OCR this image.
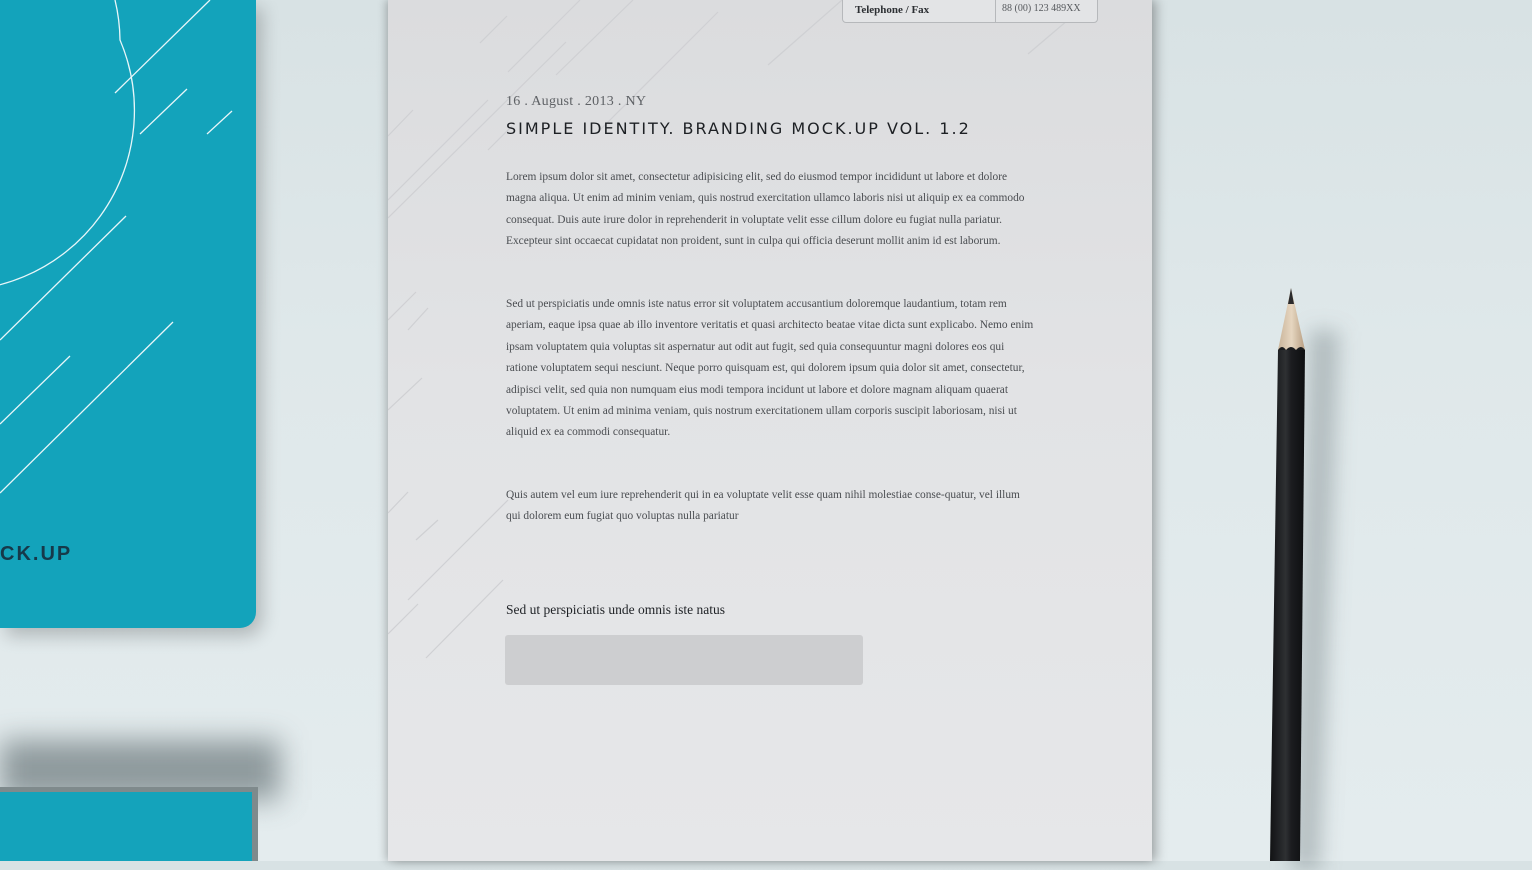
CK.UP
Telephone / Fax	88 (00) 123 489XX
16 . August . 2013 . NY
SIMPLE IDENTITY. BRANDING MOCK.UP VOL. 1.2
Lorem ipsum dolor sit amet, consectetur adipisicing elit, sed do eiusmod tempor incididunt ut labore et dolore magna aliqua. Ut enim ad minim veniam, quis nostrud exercitation ullamco laboris nisi ut aliquip ex ea commodo consequat. Duis aute irure dolor in reprehenderit in voluptate velit esse cillum dolore eu fugiat nulla pariatur. Excepteur sint occaecat cupidatat non proident, sunt in culpa qui officia deserunt mollit anim id est laborum.
Sed ut perspiciatis unde omnis iste natus error sit voluptatem accusantium doloremque laudantium, totam rem aperiam, eaque ipsa quae ab illo inventore veritatis et quasi architecto beatae vitae dicta sunt explicabo. Nemo enim ipsam voluptatem quia voluptas sit aspernatur aut odit aut fugit, sed quia consequuntur magni dolores eos qui ratione voluptatem sequi nesciunt. Neque porro quisquam est, qui dolorem ipsum quia dolor sit amet, consectetur, adipisci velit, sed quia non numquam eius modi tempora incidunt ut labore et dolore magnam aliquam quaerat voluptatem. Ut enim ad minima veniam, quis nostrum exercitationem ullam corporis suscipit laboriosam, nisi ut aliquid ex ea commodi consequatur.
Quis autem vel eum iure reprehenderit qui in ea voluptate velit esse quam nihil molestiae conse-quatur, vel illum qui dolorem eum fugiat quo voluptas nulla pariatur
Sed ut perspiciatis unde omnis iste natus
